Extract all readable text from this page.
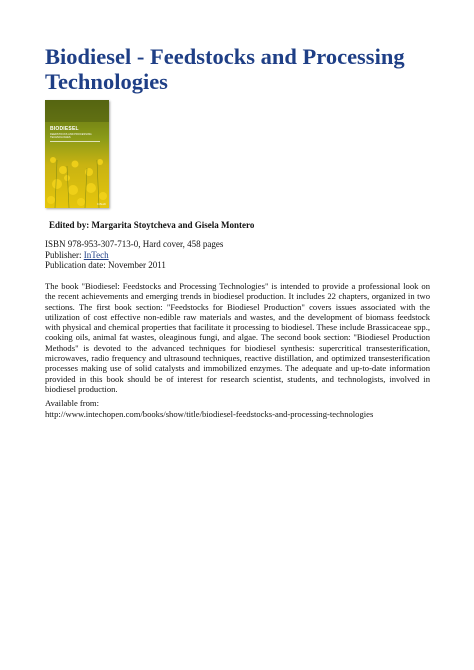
Biodiesel - Feedstocks and Processing Technologies
BIODIESEL
FEEDSTOCKS AND PROCESSING TECHNOLOGIES
InTech
Edited by: Margarita Stoytcheva and Gisela Montero
ISBN 978-953-307-713-0, Hard cover, 458 pages
Publisher: InTech
Publication date: November 2011

The book "Biodiesel: Feedstocks and Processing Technologies" is intended to provide a professional look on the recent achievements and emerging trends in biodiesel production. It includes 22 chapters, organized in two sections. The first book section: "Feedstocks for Biodiesel Production" covers issues associated with the utilization of cost effective non-edible raw materials and wastes, and the development of biomass feedstock with physical and chemical properties that facilitate it processing to biodiesel. These include Brassicaceae spp., cooking oils, animal fat wastes, oleaginous fungi, and algae. The second book section: "Biodiesel Production Methods" is devoted to the advanced techniques for biodiesel synthesis: supercritical transesterification, microwaves, radio frequency and ultrasound techniques, reactive distillation, and optimized transesterification processes making use of solid catalysts and immobilized enzymes. The adequate and up-to-date information provided in this book should be of interest for research scientist, students, and technologists, involved in biodiesel production.

Available from:
http://www.intechopen.com/books/show/title/biodiesel-feedstocks-and-processing-technologies
